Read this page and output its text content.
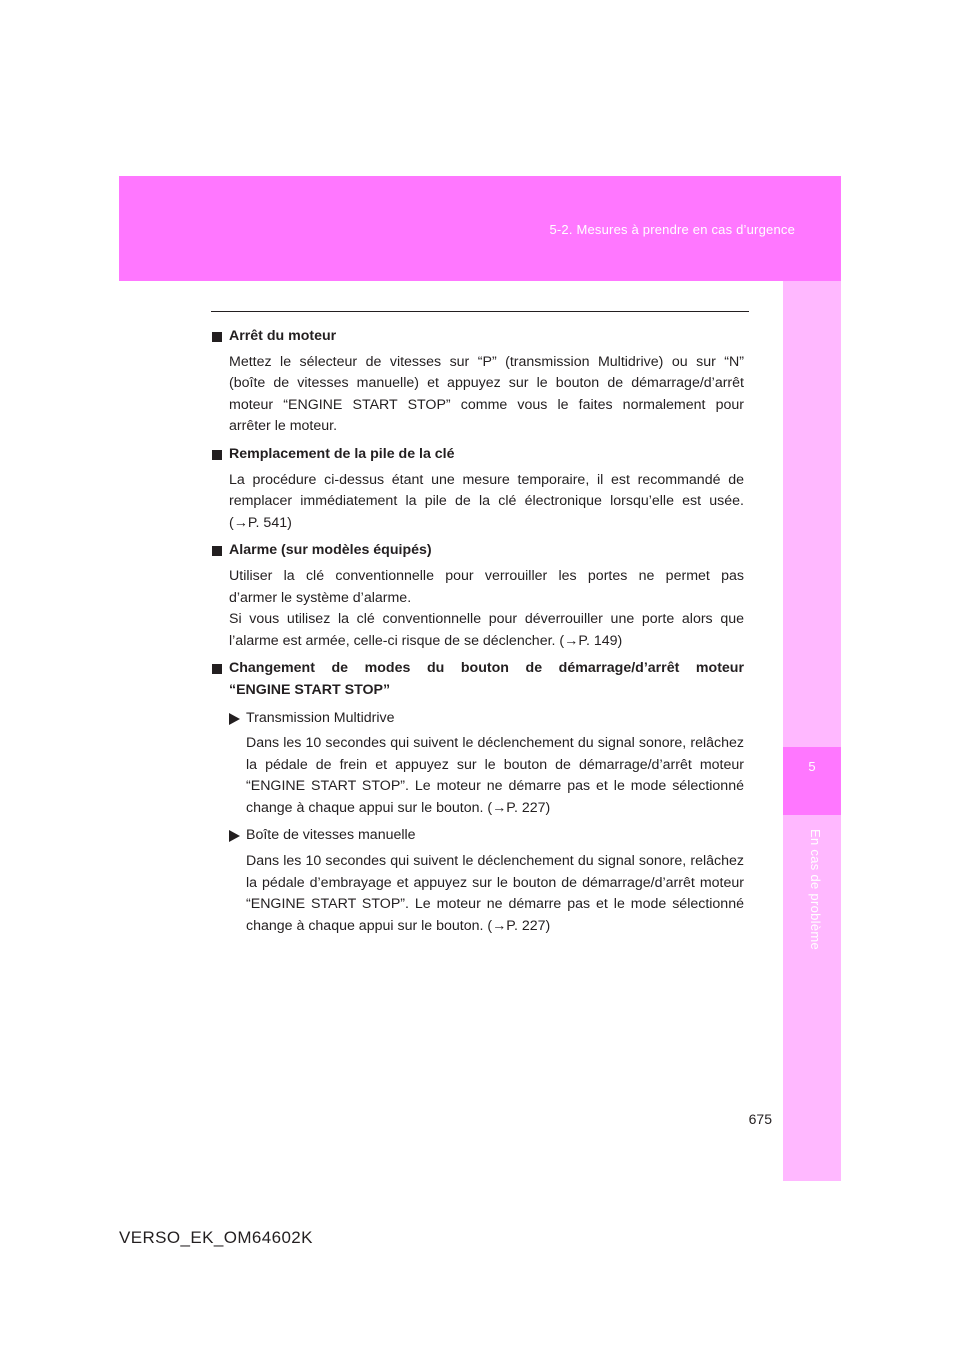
5-2. Mesures à prendre en cas d’urgence
5
En cas de problème
Arrêt du moteur
Mettez le sélecteur de vitesses sur “P” (transmission Multidrive) ou sur “N”
(boîte de vitesses manuelle) et appuyez sur le bouton de démarrage/d’arrêt
moteur “ENGINE START STOP” comme vous le faites normalement pour
arrêter le moteur.
Remplacement de la pile de la clé
La procédure ci-dessus étant une mesure temporaire, il est recommandé de
remplacer immédiatement la pile de la clé électronique lorsqu’elle est usée.
(→P. 541)
Alarme (sur modèles équipés)
Utiliser la clé conventionnelle pour verrouiller les portes ne permet pas
d’armer le système d’alarme.
Si vous utilisez la clé conventionnelle pour déverrouiller une porte alors que
l’alarme est armée, celle-ci risque de se déclencher. (→P. 149)
Changement de modes du bouton de démarrage/d’arrêt moteur
“ENGINE START STOP”
Transmission Multidrive
Dans les 10 secondes qui suivent le déclenchement du signal sonore, relâchez la pédale de frein et appuyez sur le bouton de démarrage/d’arrêt moteur “ENGINE START STOP”. Le moteur ne démarre pas et le mode sélectionné change à chaque appui sur le bouton. (→P. 227)
Boîte de vitesses manuelle
Dans les 10 secondes qui suivent le déclenchement du signal sonore, relâchez la pédale d’embrayage et appuyez sur le bouton de démarrage/d’arrêt moteur “ENGINE START STOP”. Le moteur ne démarre pas et le mode sélectionné change à chaque appui sur le bouton. (→P. 227)
675
VERSO_EK_OM64602K
